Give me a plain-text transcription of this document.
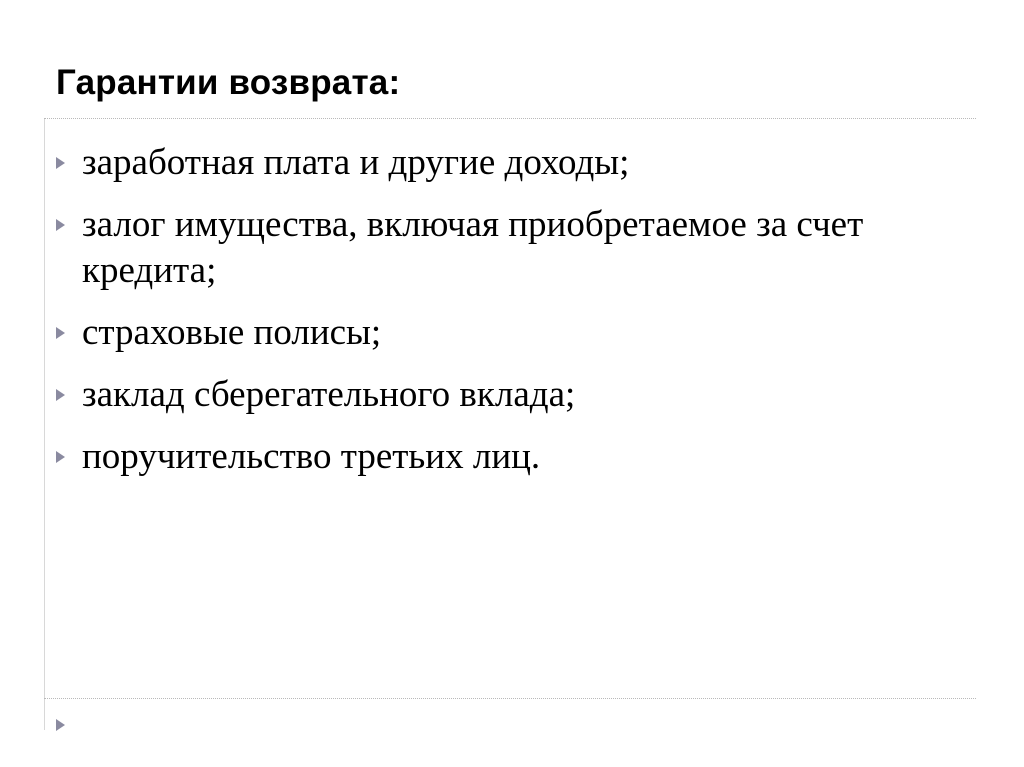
Гарантии возврата:
заработная плата и другие доходы;
залог имущества, включая приобретаемое за счет кредита;
страховые полисы;
заклад сберегательного вклада;
поручительство третьих лиц.
